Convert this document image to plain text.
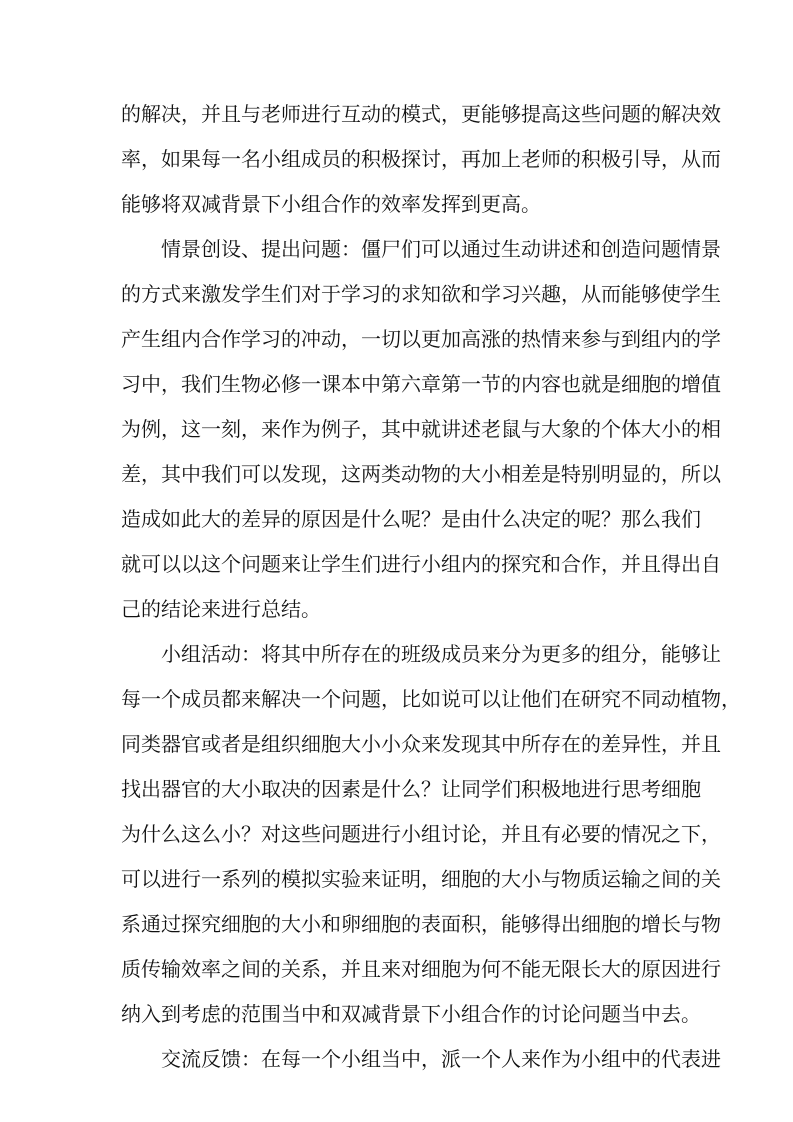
的解决，并且与老师进行互动的模式，更能够提高这些问题的解决效
率，如果每一名小组成员的积极探讨，再加上老师的积极引导，从而
能够将双减背景下小组合作的效率发挥到更高。
情景创设、提出问题：僵尸们可以通过生动讲述和创造问题情景
的方式来激发学生们对于学习的求知欲和学习兴趣，从而能够使学生
产生组内合作学习的冲动，一切以更加高涨的热情来参与到组内的学
习中，我们生物必修一课本中第六章第一节的内容也就是细胞的增值
为例，这一刻，来作为例子，其中就讲述老鼠与大象的个体大小的相
差，其中我们可以发现，这两类动物的大小相差是特别明显的，所以
造成如此大的差异的原因是什么呢？是由什么决定的呢？那么我们
就可以以这个问题来让学生们进行小组内的探究和合作，并且得出自
己的结论来进行总结。
小组活动：将其中所存在的班级成员来分为更多的组分，能够让
每一个成员都来解决一个问题，比如说可以让他们在研究不同动植物，
同类器官或者是组织细胞大小小众来发现其中所存在的差异性，并且
找出器官的大小取决的因素是什么？让同学们积极地进行思考细胞
为什么这么小？对这些问题进行小组讨论，并且有必要的情况之下，
可以进行一系列的模拟实验来证明，细胞的大小与物质运输之间的关
系通过探究细胞的大小和卵细胞的表面积，能够得出细胞的增长与物
质传输效率之间的关系，并且来对细胞为何不能无限长大的原因进行
纳入到考虑的范围当中和双减背景下小组合作的讨论问题当中去。
交流反馈：在每一个小组当中，派一个人来作为小组中的代表进
